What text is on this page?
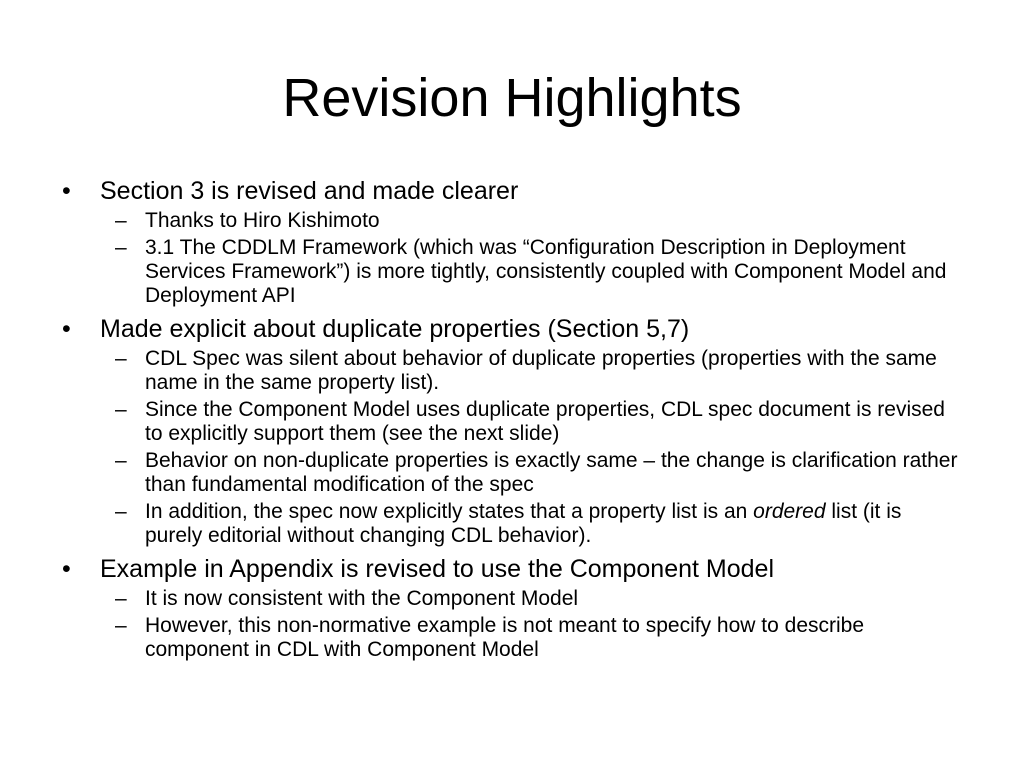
Revision Highlights
• Section 3 is revised and made clearer
– Thanks to Hiro Kishimoto
– 3.1 The CDDLM Framework (which was “Configuration Description in Deployment Services Framework”) is more tightly, consistently coupled with Component Model and Deployment API
• Made explicit about duplicate properties (Section 5,7)
– CDL Spec was silent about behavior of duplicate properties (properties with the same name in the same property list).
– Since the Component Model uses duplicate properties, CDL spec document is revised to explicitly support them (see the next slide)
– Behavior on non-duplicate properties is exactly same – the change is clarification rather than fundamental modification of the spec
– In addition, the spec now explicitly states that a property list is an ordered list (it is purely editorial without changing CDL behavior).
• Example in Appendix is revised to use the Component Model
– It is now consistent with the Component Model
– However, this non-normative example is not meant to specify how to describe component in CDL with Component Model
